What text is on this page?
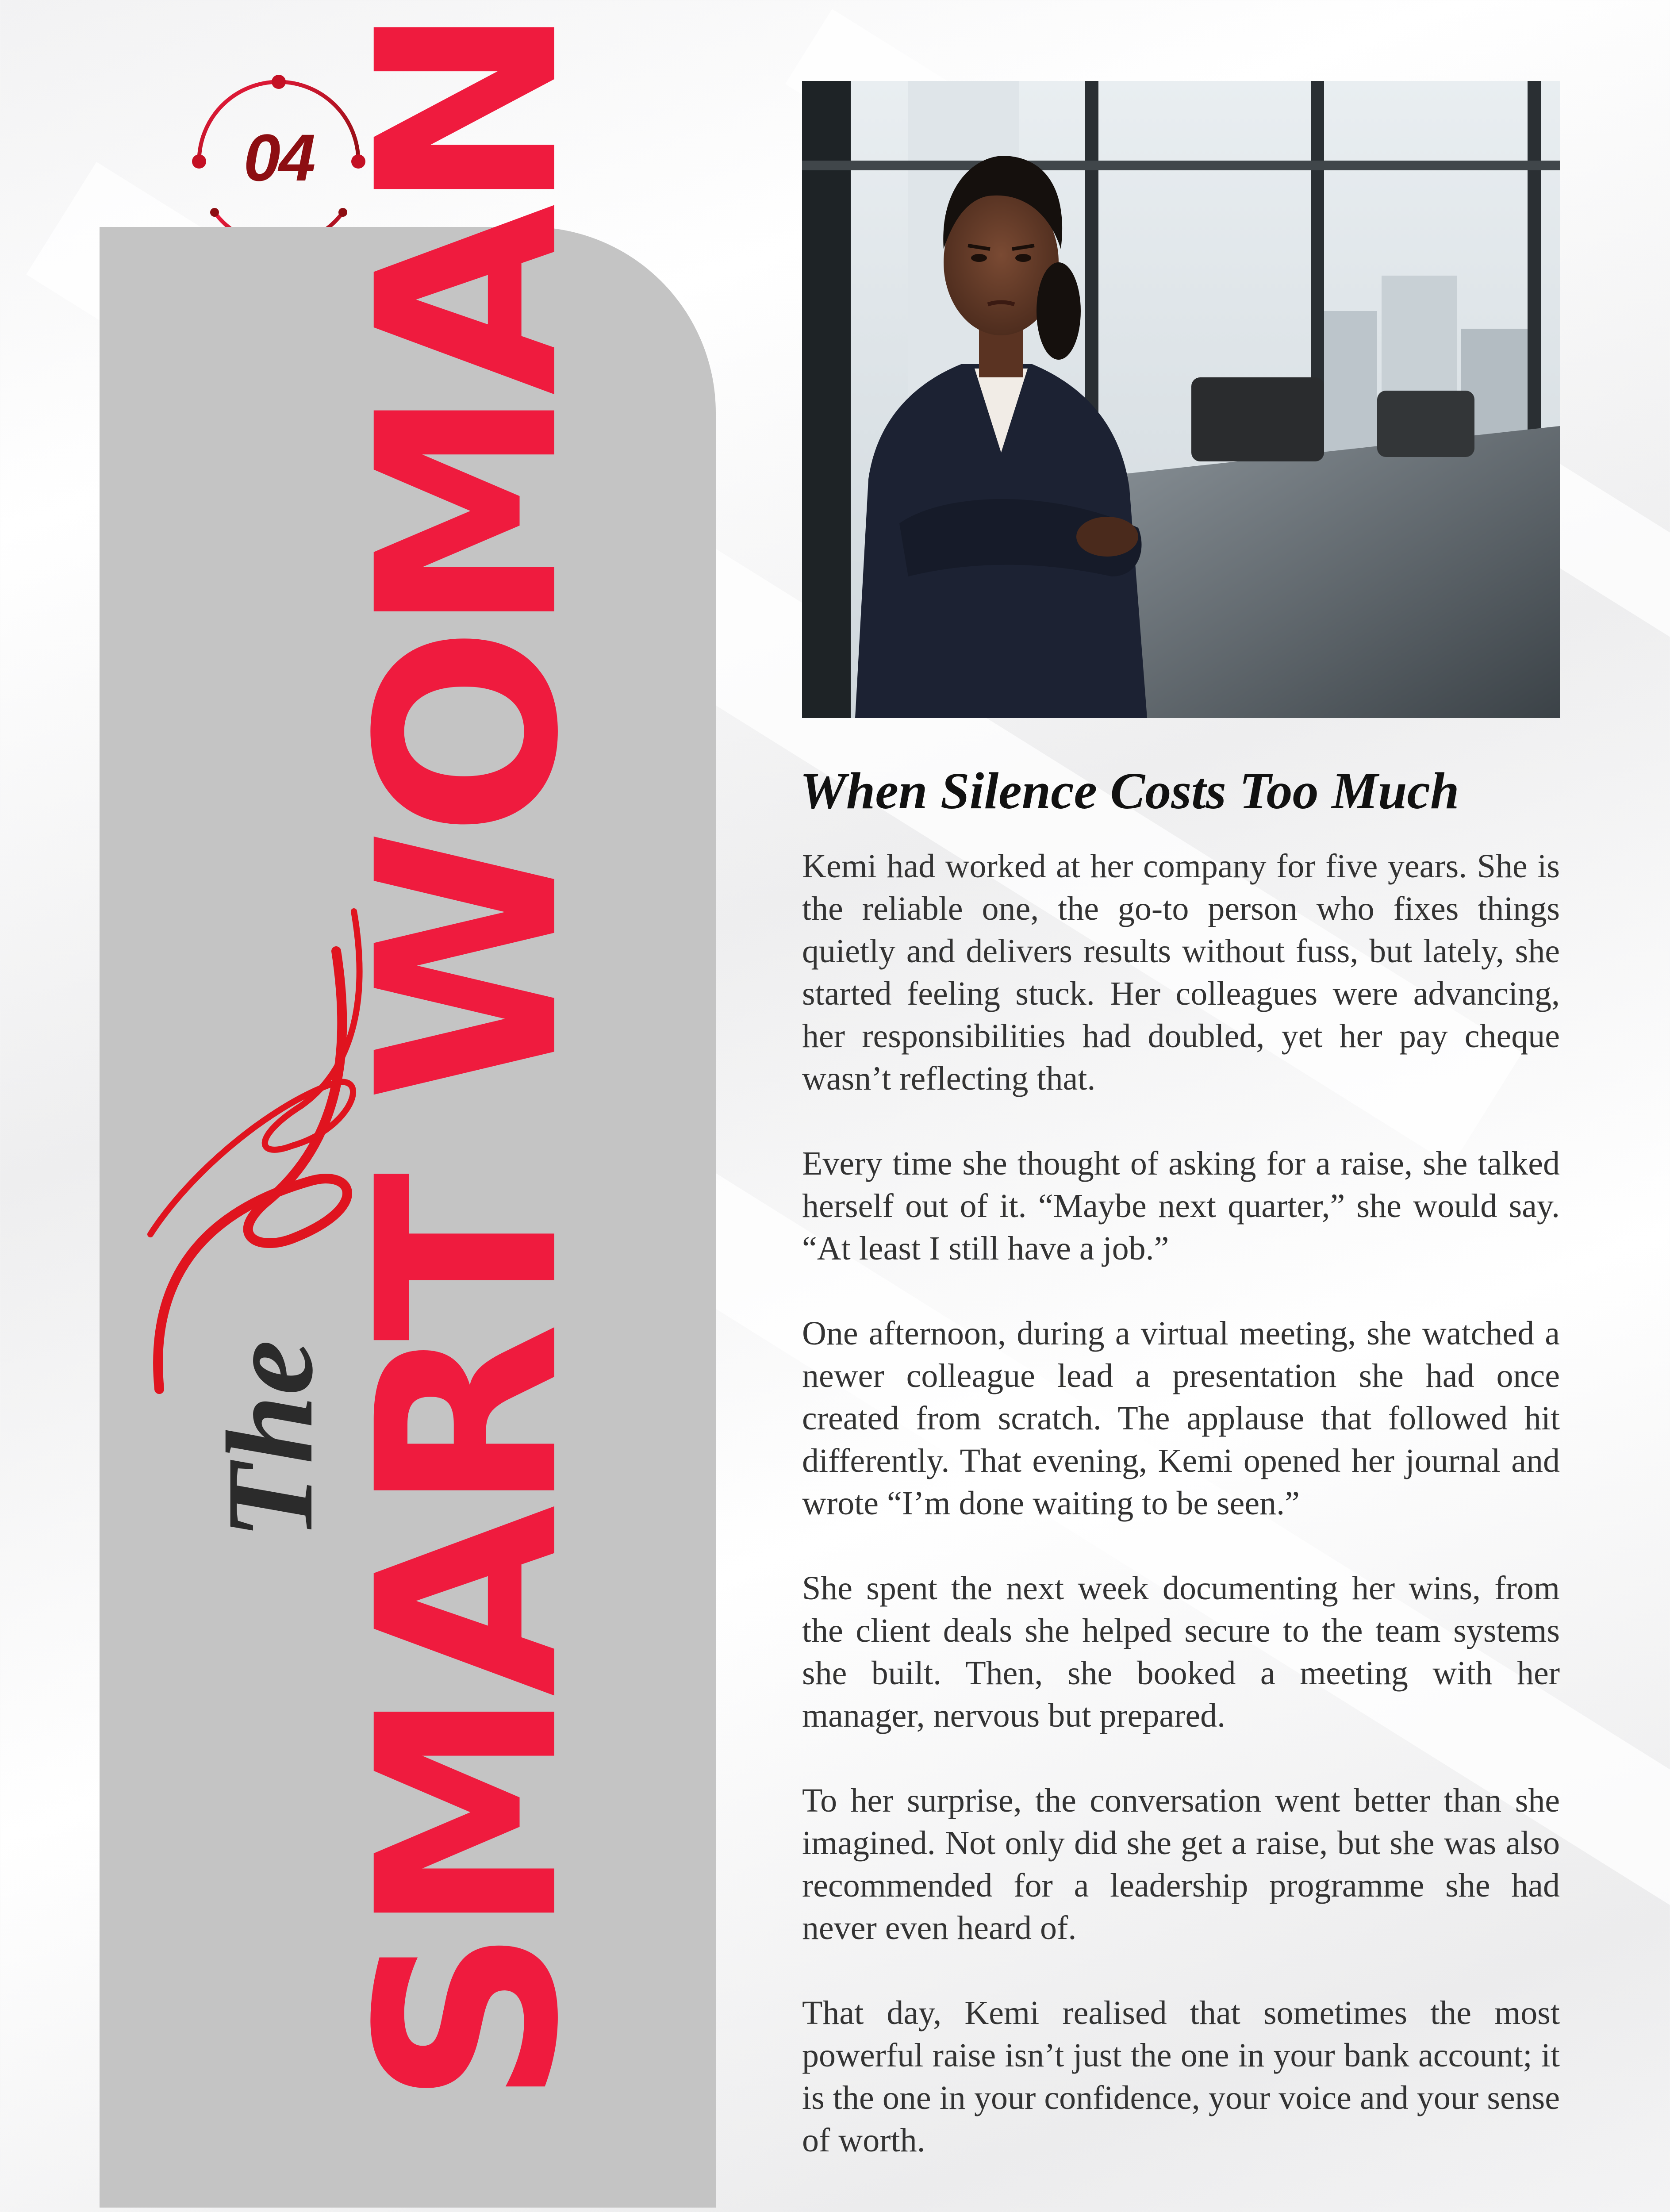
04
The
SMART WOMAN	When Silence Costs Too Much

Kemi had worked at her company for five years. She is the reliable one, the go-to person who fixes things quietly and delivers results without fuss, but lately, she started feeling stuck. Her colleagues were advancing, her responsibilities had doubled, yet her pay cheque wasn’t reflecting that.

Every time she thought of asking for a raise, she talked herself out of it. “Maybe next quarter,” she would say. “At least I still have a job.”

One afternoon, during a virtual meeting, she watched a newer colleague lead a presentation she had once created from scratch. The applause that followed hit differently. That evening, Kemi opened her journal and wrote “I’m done waiting to be seen.”

She spent the next week documenting her wins, from the client deals she helped secure to the team systems she built. Then, she booked a meeting with her manager, nervous but prepared.

To her surprise, the conversation went better than she imagined. Not only did she get a raise, but she was also recommended for a leadership programme she had never even heard of.

That day, Kemi realised that sometimes the most powerful raise isn’t just the one in your bank account; it is the one in your confidence, your voice and your sense of worth.
